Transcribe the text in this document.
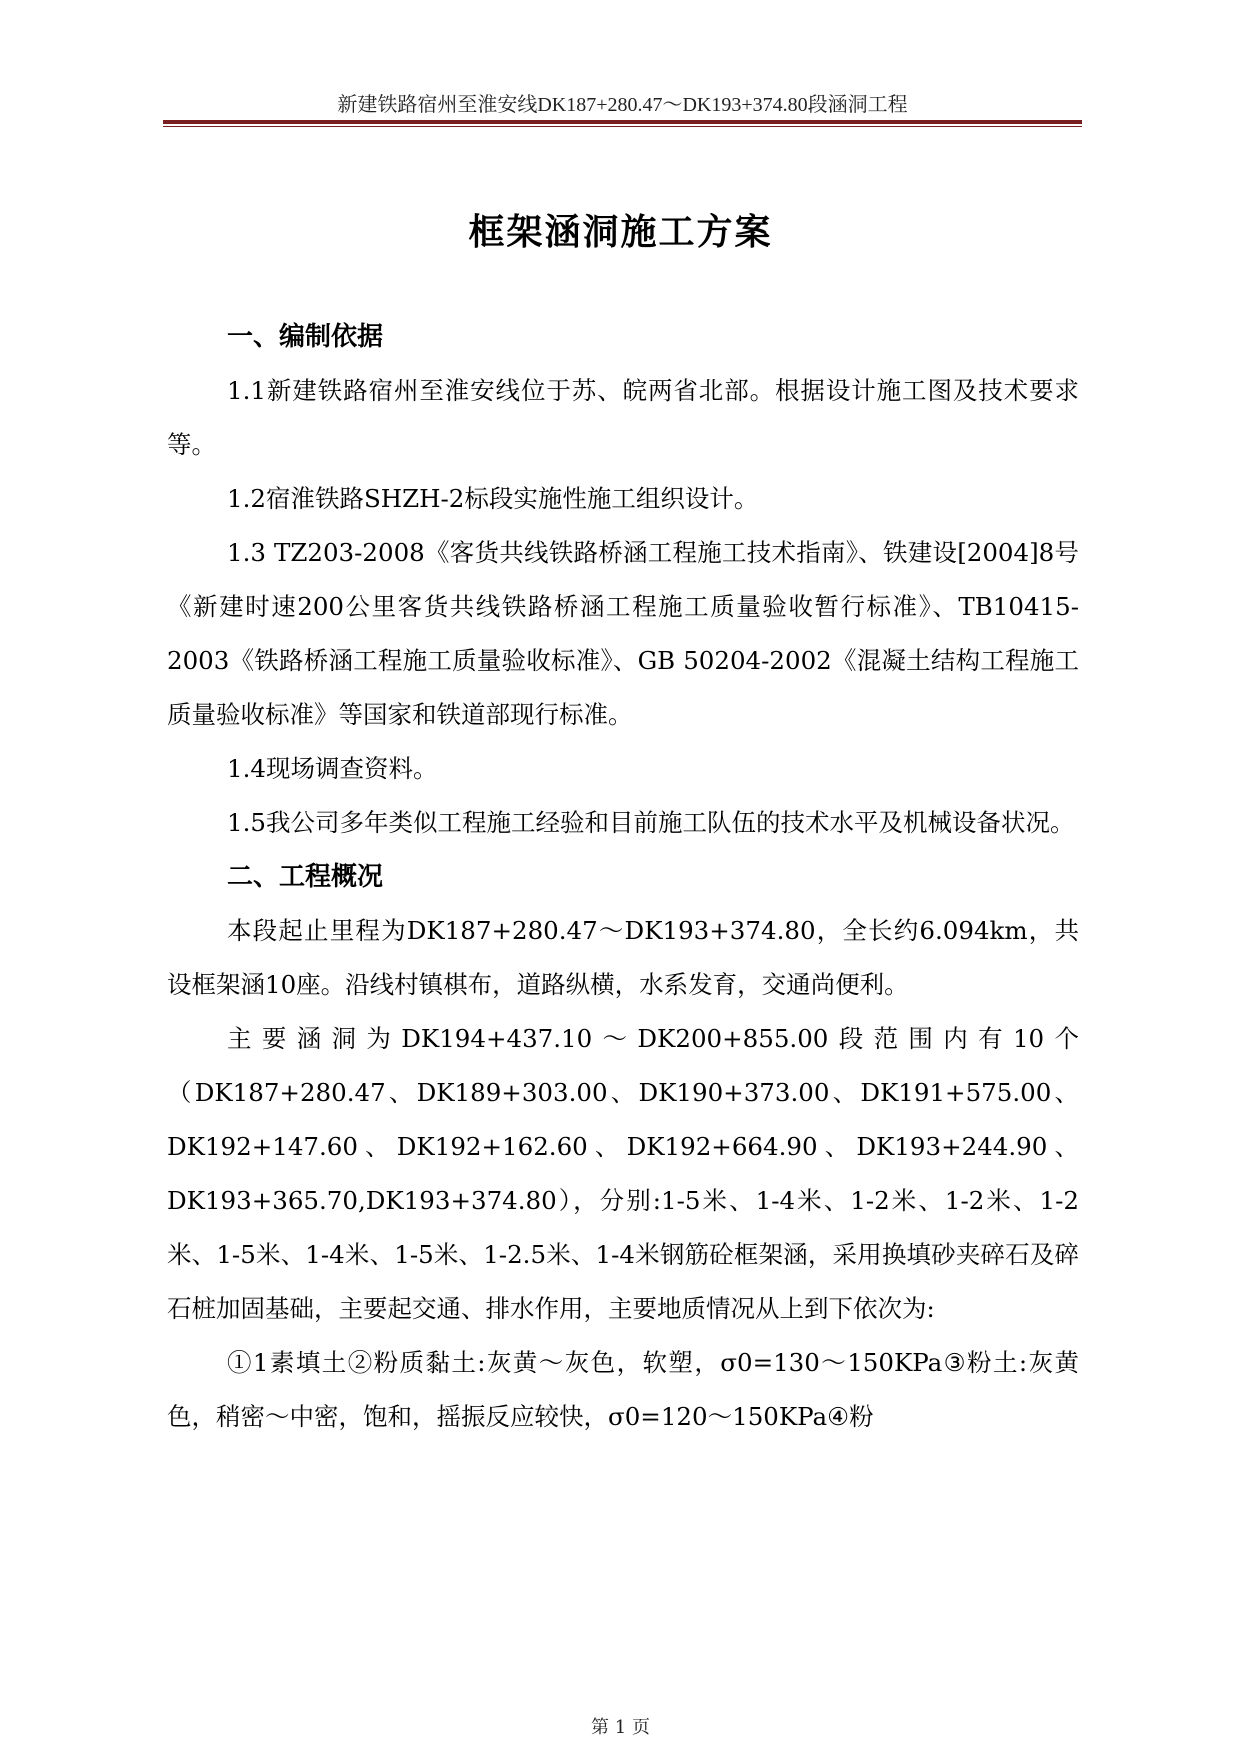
新建铁路宿州至淮安线DK187+280.47～DK193+374.80段涵洞工程
框架涵洞施工方案

一、编制依据

1.1新建铁路宿州至淮安线位于苏、皖两省北部。根据设计施工图及技术要求等。

1.2宿淮铁路SHZH-2标段实施性施工组织设计。

1.3 TZ203-2008《客货共线铁路桥涵工程施工技术指南》、铁建设[2004]8号《新建时速200公里客货共线铁路桥涵工程施工质量验收暂行标准》、TB10415-2003《铁路桥涵工程施工质量验收标准》、GB 50204-2002《混凝土结构工程施工质量验收标准》等国家和铁道部现行标准。

1.4现场调查资料。

1.5我公司多年类似工程施工经验和目前施工队伍的技术水平及机械设备状况。

二、工程概况

本段起止里程为DK187+280.47～DK193+374.80，全长约6.094km，共设框架涵10座。沿线村镇棋布，道路纵横，水系发育，交通尚便利。

主要涵洞为DK194+437.10～DK200+855.00段范围内有10个（DK187+280.47、DK189+303.00、DK190+373.00、DK191+575.00、DK192+147.60、DK192+162.60、DK192+664.90、DK193+244.90、DK193+365.70,DK193+374.80），分别:1-5米、1-4米、1-2米、1-2米、1-2米、1-5米、1-4米、1-5米、1-2.5米、1-4米钢筋砼框架涵，采用换填砂夹碎石及碎石桩加固基础，主要起交通、排水作用，主要地质情况从上到下依次为:

①1素填土②粉质黏土:灰黄～灰色，软塑，σ0=130～150KPa③粉土:灰黄色，稍密～中密，饱和，摇振反应较快，σ0=120～150KPa④粉

第 1 页
